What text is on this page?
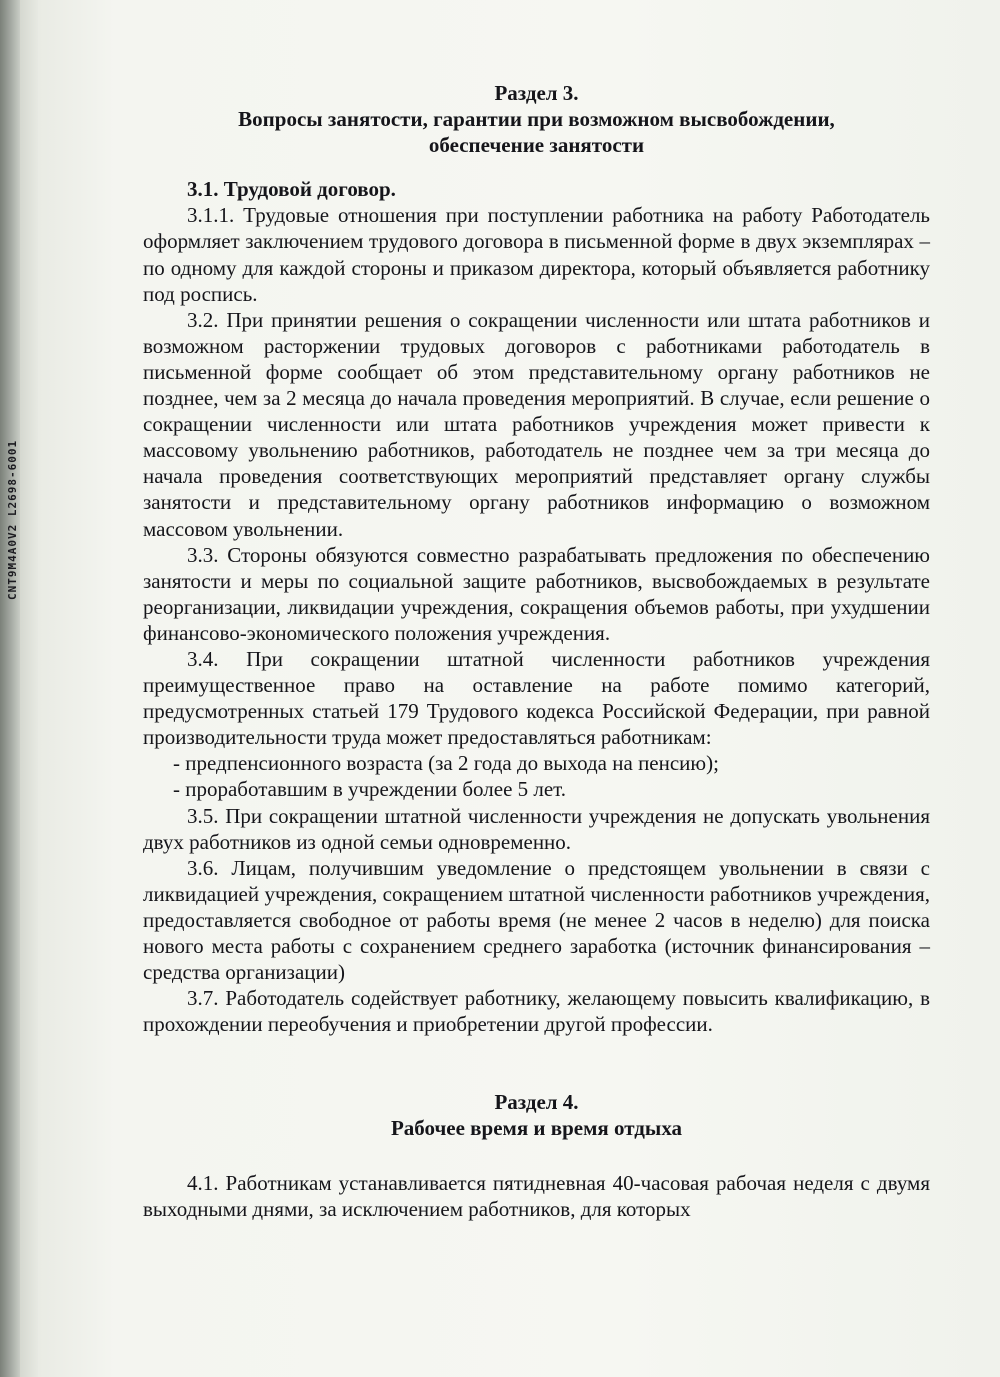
CNT9M4A0V2 L2698-6001
Раздел 3.
Вопросы занятости, гарантии при возможном высвобождении,
обеспечение занятости

3.1. Трудовой договор.

3.1.1. Трудовые отношения при поступлении работника на работу Работодатель оформляет заключением трудового договора в письменной форме в двух экземплярах – по одному для каждой стороны и приказом директора, который объявляется работнику под роспись.

3.2. При принятии решения о сокращении численности или штата работников и возможном расторжении трудовых договоров с работниками работодатель в письменной форме сообщает об этом представительному органу работников не позднее, чем за 2 месяца до начала проведения мероприятий. В случае, если решение о сокращении численности или штата работников учреждения может привести к массовому увольнению работников, работодатель не позднее чем за три месяца до начала проведения соответствующих мероприятий представляет органу службы занятости и представительному органу работников информацию о возможном массовом увольнении.

3.3. Стороны обязуются совместно разрабатывать предложения по обеспечению занятости и меры по социальной защите работников, высвобождаемых в результате реорганизации, ликвидации учреждения, сокращения объемов работы, при ухудшении финансово-экономического положения учреждения.

3.4. При сокращении штатной численности работников учреждения преимущественное право на оставление на работе помимо категорий, предусмотренных статьей 179 Трудового кодекса Российской Федерации, при равной производительности труда может предоставляться работникам:

- предпенсионного возраста (за 2 года до выхода на пенсию);

- проработавшим в учреждении более 5 лет.

3.5. При сокращении штатной численности учреждения не допускать увольнения двух работников из одной семьи одновременно.

3.6. Лицам, получившим уведомление о предстоящем увольнении в связи с ликвидацией учреждения, сокращением штатной численности работников учреждения, предоставляется свободное от работы время (не менее 2 часов в неделю) для поиска нового места работы с сохранением среднего заработка (источник финансирования – средства организации)

3.7. Работодатель содействует работнику, желающему повысить квалификацию, в прохождении переобучения и приобретении другой профессии.

Раздел 4.
Рабочее время и время отдыха

4.1. Работникам устанавливается пятидневная 40-часовая рабочая неделя с двумя выходными днями, за исключением работников, для которых
